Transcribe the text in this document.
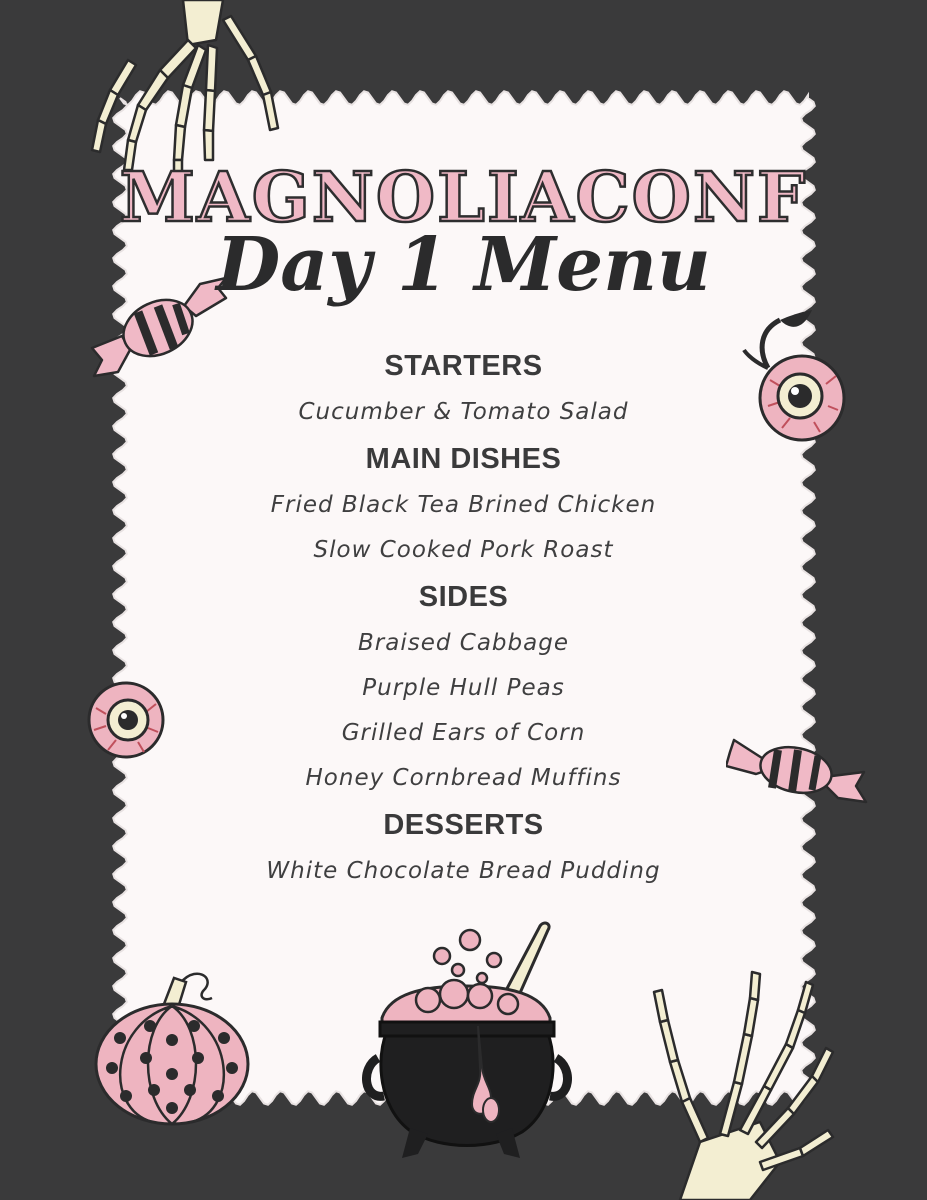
MAGNOLIACONF
Day 1 Menu
STARTERS

Cucumber & Tomato Salad

MAIN DISHES

Fried Black Tea Brined Chicken

Slow Cooked Pork Roast

SIDES

Braised Cabbage

Purple Hull Peas

Grilled Ears of Corn

Honey Cornbread Muffins

DESSERTS

White Chocolate Bread Pudding
